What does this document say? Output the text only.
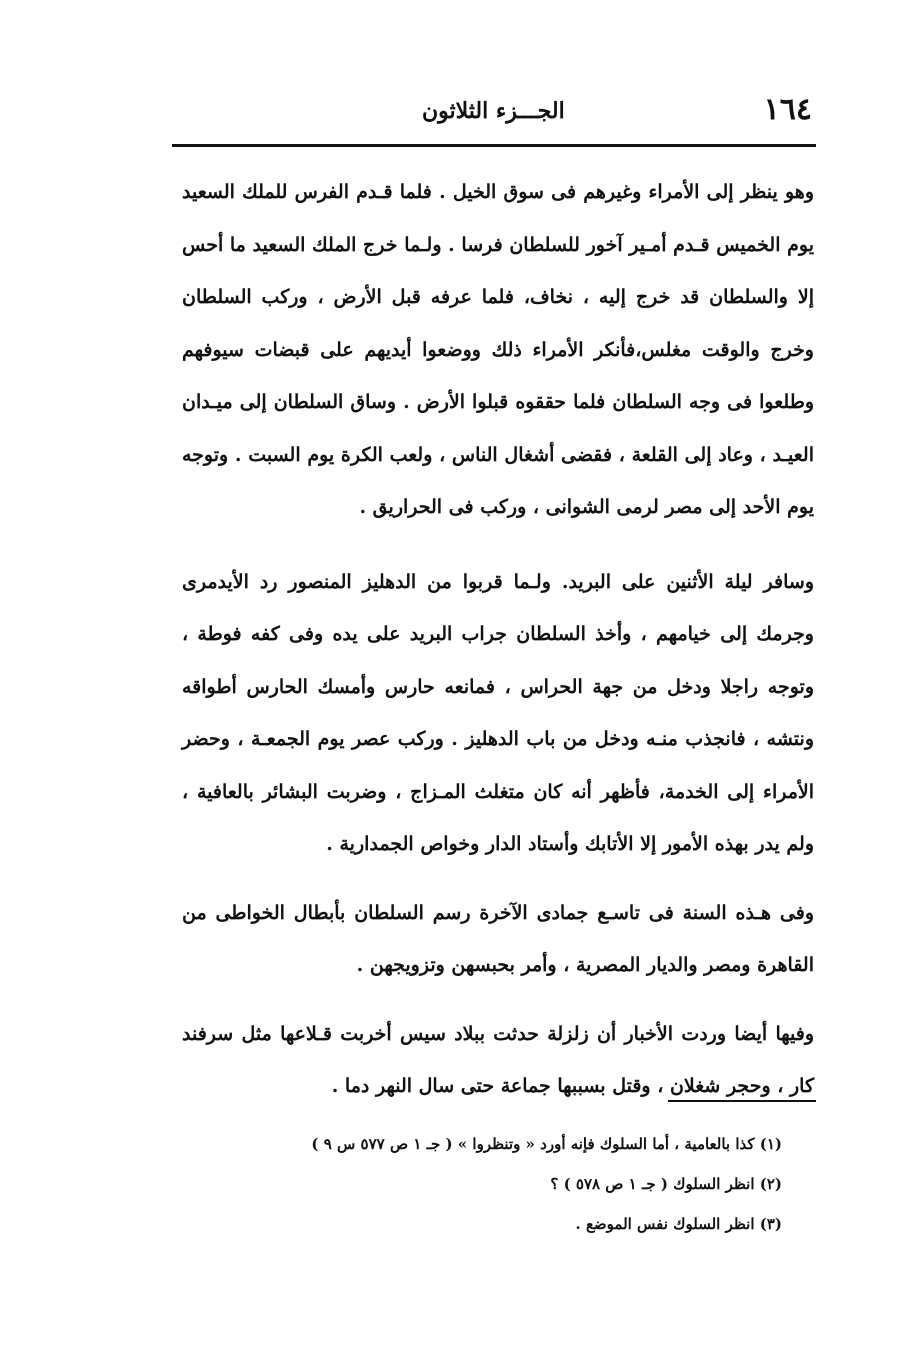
١٦٤
الجـــزء الثلاثون

وهو ينظر إلى الأمراء وغيرهم فى سوق الخيل . فلما قـدم الفرس للملك السعيد يوم الخميس قـدم أمـير آخور للسلطان فرسا . ولـما خرج الملك السعيد ما أحس إلا والسلطان قد خرج إليه ، نخاف، فلما عرفه قبل الأرض ، وركب السلطان وخرج والوقت مغلس،فأنكر الأمراء ذلك ووضعوا أيديهم على قبضات سيوفهم وطلعوا فى وجه السلطان فلما حققوه قبلوا الأرض . وساق السلطان إلى ميـدان العيـد ، وعاد إلى القلعة ، فقضى أشغال الناس ، ولعب الكرة يوم السبت . وتوجه يوم الأحد إلى مصر لرمى الشوانى ، وركب فى الحراريق .

وسافر ليلة الأثنين على البريد. ولـما قربوا من الدهليز المنصور رد الأيدمرى وجرمك إلى خيامهم ، وأخذ السلطان جراب البريد على يده وفى كفه فوطة ، وتوجه راجلا ودخل من جهة الحراس ، فمانعه حارس وأمسك الحارس أطواقه ونتشه ، فانجذب منـه ودخل من باب الدهليز . وركب عصر يوم الجمعـة ، وحضر الأمراء إلى الخدمة، فأظهر أنه كان متغلث المـزاج ، وضربت البشائر بالعافية ، ولم يدر بهذه الأمور إلا الأتابك وأستاد الدار وخواص الجمدارية .

وفى هـذه السنة فى تاسـع جمادى الآخرة رسم السلطان بأبطال الخواطى من القاهرة ومصر والديار المصرية ، وأمر بحبسهن وتزويجهن .

وفيها أيضا وردت الأخبار أن زلزلة حدثت ببلاد سيس أخربت قـلاعها مثل سرفند كار ، وحجر شغلان ، وقتل بسببها جماعة حتى سال النهر دما .

(١) كذا بالعامية ، أما السلوك فإنه أورد « وتنظروا » ( جـ ١ ص ٥٧٧ س ٩ )

(٢) انظر السلوك ( جـ ١ ص ٥٧٨ ) ؟

(٣) انظر السلوك نفس الموضع .
